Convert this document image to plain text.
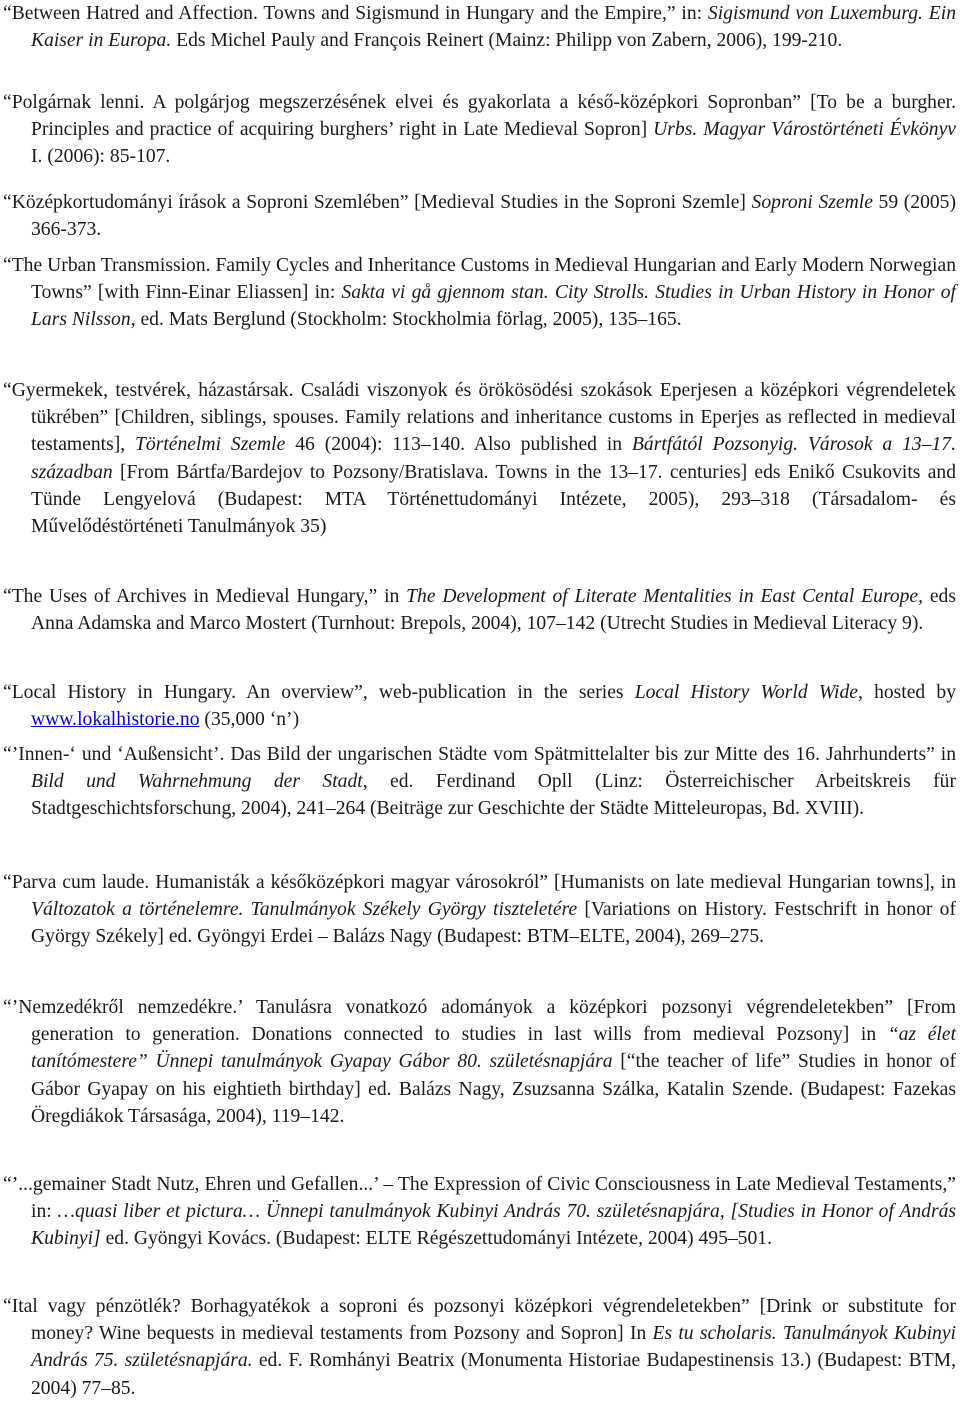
“Between Hatred and Affection. Towns and Sigismund in Hungary and the Empire,” in: Sigismund von Luxemburg. Ein Kaiser in Europa. Eds Michel Pauly and François Reinert (Mainz: Philipp von Zabern, 2006), 199-210.

“Polgárnak lenni. A polgárjog megszerzésének elvei és gyakorlata a késő-középkori Sopronban” [To be a burgher. Principles and practice of acquiring burghers’ right in Late Medieval Sopron] Urbs. Magyar Várostörténeti Évkönyv I. (2006): 85-107.

“Középkortudományi írások a Soproni Szemlében” [Medieval Studies in the Soproni Szemle] Soproni Szemle 59 (2005) 366-373.

“The Urban Transmission. Family Cycles and Inheritance Customs in Medieval Hungarian and Early Modern Norwegian Towns” [with Finn-Einar Eliassen] in: Sakta vi gå gjennom stan. City Strolls. Studies in Urban History in Honor of Lars Nilsson, ed. Mats Berglund (Stockholm: Stockholmia förlag, 2005), 135–165.

“Gyermekek, testvérek, házastársak. Családi viszonyok és örökösödési szokások Eperjesen a középkori végrendeletek tükrében” [Children, siblings, spouses. Family relations and inheritance customs in Eperjes as reflected in medieval testaments], Történelmi Szemle 46 (2004): 113–140. Also published in Bártfától Pozsonyig. Városok a 13–17. században [From Bártfa/Bardejov to Pozsony/Bratislava. Towns in the 13–17. centuries] eds Enikő Csukovits and Tünde Lengyelová (Budapest: MTA Történettudományi Intézete, 2005), 293–318 (Társadalom- és Művelődéstörténeti Tanulmányok 35)

“The Uses of Archives in Medieval Hungary,” in The Development of Literate Mentalities in East Cental Europe, eds Anna Adamska and Marco Mostert (Turnhout: Brepols, 2004), 107–142 (Utrecht Studies in Medieval Literacy 9).

“Local History in Hungary. An overview”, web-publication in the series Local History World Wide, hosted by www.lokalhistorie.no (35,000 ‘n’)

“’Innen-‘ und ‘Außensicht’. Das Bild der ungarischen Städte vom Spätmittelalter bis zur Mitte des 16. Jahrhunderts” in Bild und Wahrnehmung der Stadt, ed. Ferdinand Opll (Linz: Österreichischer Arbeitskreis für Stadtgeschichtsforschung, 2004), 241–264 (Beiträge zur Geschichte der Städte Mitteleuropas, Bd. XVIII).

“Parva cum laude. Humanisták a későközépkori magyar városokról” [Humanists on late medieval Hungarian towns], in Változatok a történelemre. Tanulmányok Székely György tiszteletére [Variations on History. Festschrift in honor of György Székely] ed. Gyöngyi Erdei – Balázs Nagy (Budapest: BTM–ELTE, 2004), 269–275.

“’Nemzedékről nemzedékre.’ Tanulásra vonatkozó adományok a középkori pozsonyi végrendeletekben” [From generation to generation. Donations connected to studies in last wills from medieval Pozsony] in “az élet tanítómestere” Ünnepi tanulmányok Gyapay Gábor 80. születésnapjára [“the teacher of life” Studies in honor of Gábor Gyapay on his eightieth birthday] ed. Balázs Nagy, Zsuzsanna Szálka, Katalin Szende. (Budapest: Fazekas Öregdiákok Társasága, 2004), 119–142.

“’...gemainer Stadt Nutz, Ehren und Gefallen...’ – The Expression of Civic Consciousness in Late Medieval Testaments,” in: …quasi liber et pictura… Ünnepi tanulmányok Kubinyi András 70. születésnapjára, [Studies in Honor of András Kubinyi] ed. Gyöngyi Kovács. (Budapest: ELTE Régészettudományi Intézete, 2004) 495–501.

“Ital vagy pénzötlék? Borhagyatékok a soproni és pozsonyi középkori végrendeletekben” [Drink or substitute for money? Wine bequests in medieval testaments from Pozsony and Sopron] In Es tu scholaris. Tanulmányok Kubinyi András 75. születésnapjára. ed. F. Romhányi Beatrix (Monumenta Historiae Budapestinensis 13.) (Budapest: BTM, 2004) 77–85.
